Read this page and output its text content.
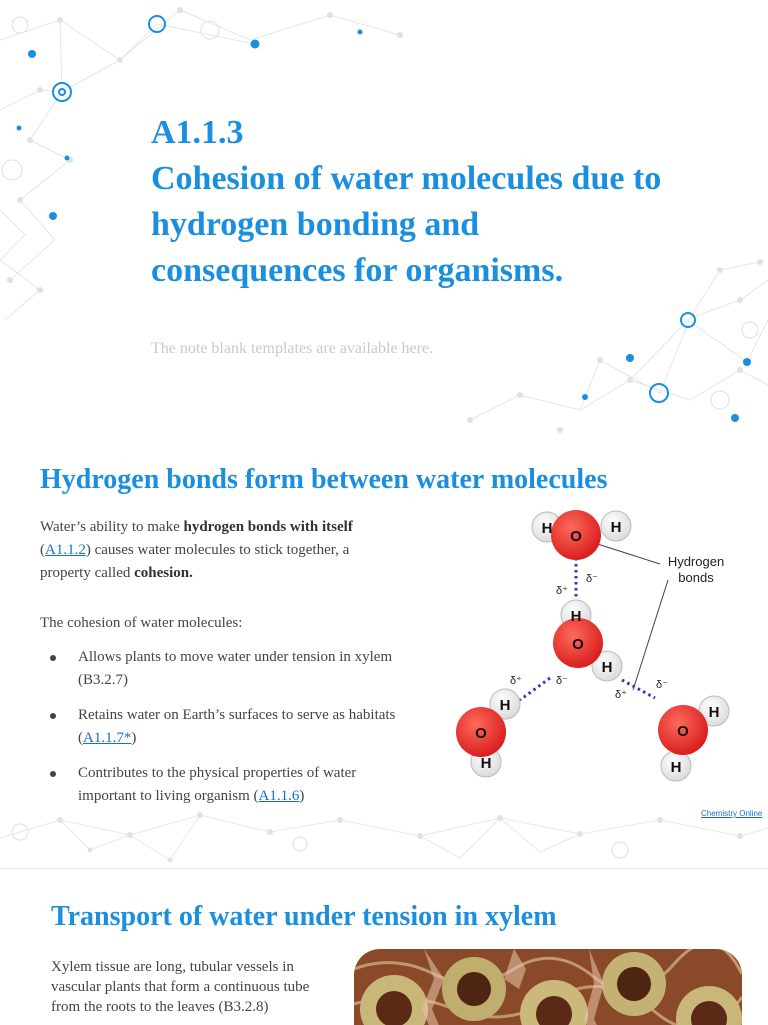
A1.1.3
Cohesion of water molecules due to
hydrogen bonding and
consequences for organisms.
The note blank templates are available here.
Hydrogen bonds form between water molecules
Water’s ability to make hydrogen bonds with itself (A1.1.2) causes water molecules to stick together, a property called cohesion.
The cohesion of water molecules:
Allows plants to move water under tension in xylem (B3.2.7)
Retains water on Earth’s surfaces to serve as habitats (A1.1.7*)
Contributes to the physical properties of water important to living organism (A1.1.6)
H	H
O
H
H
O
H
H
O
H
H
O
δ⁻
δ⁺
δ⁺	δ⁻
δ⁺
δ⁻
Hydrogen
bonds
Chemistry Online
Transport of water under tension in xylem
Xylem tissue are long, tubular vessels in vascular plants that form a continuous tube from the roots to the leaves (B3.2.8)
